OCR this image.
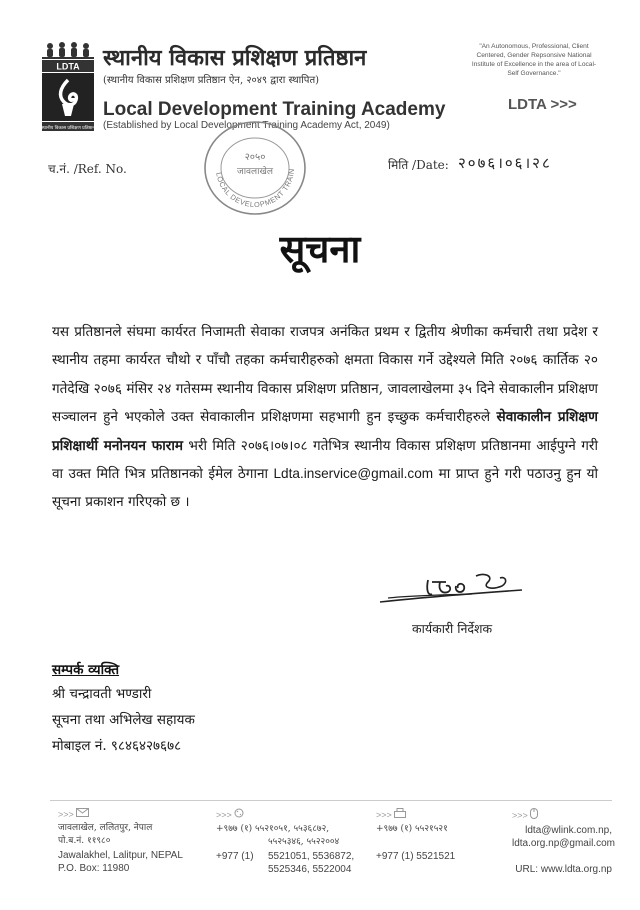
LDTA
स्थानीय विकास प्रशिक्षण प्रतिष्ठान
स्थानीय विकास प्रशिक्षण प्रतिष्ठान
(स्थानीय विकास प्रशिक्षण प्रतिष्ठान ऐन, २०४९ द्वारा स्थापित)
Local Development Training Academy
(Established by Local Development Training Academy Act, 2049)
"An Autonomous, Professional, Client Centered, Gender Repsonsive National Institute of Excellence in the area of Local-Self Governance."
LDTA >>>
च.नं. /Ref. No.	मिति /Date: २०७६।०६।२८
LOCAL DEVELOPMENT TRAIN
२०५०
जावलाखेल
सूचना
यस प्रतिष्ठानले संघमा कार्यरत निजामती सेवाका राजपत्र अनंकित प्रथम र द्वितीय श्रेणीका कर्मचारी तथा प्रदेश र स्थानीय तहमा कार्यरत चौथो र पाँचौ तहका कर्मचारीहरुको क्षमता विकास गर्ने उद्देश्यले मिति २०७६ कार्तिक २० गतेदेखि २०७६ मंसिर २४ गतेसम्म स्थानीय विकास प्रशिक्षण प्रतिष्ठान, जावलाखेलमा ३५ दिने सेवाकालीन प्रशिक्षण सञ्चालन हुने भएकोले उक्त सेवाकालीन प्रशिक्षणमा सहभागी हुन इच्छुक कर्मचारीहरुले सेवाकालीन प्रशिक्षण प्रशिक्षार्थी मनोनयन फाराम भरी मिति २०७६।०७।०८ गतेभित्र स्थानीय विकास प्रशिक्षण प्रतिष्ठानमा आईपुग्ने गरी वा उक्त मिति भित्र प्रतिष्ठानको ईमेल ठेगाना Ldta.inservice@gmail.com मा प्राप्त हुने गरी पठाउनु हुन यो सूचना प्रकाशन गरिएको छ ।
ldcg
कार्यकारी निर्देशक
सम्पर्क व्यक्ति
श्री चन्द्रावती भण्डारी
सूचना तथा अभिलेख सहायक
मोबाइल नं. ९८४६४२७६७८
>>>
जावलाखेल, ललितपुर, नेपाल
पो.ब.नं. ११९८०
Jawalakhel, Lalitpur, NEPAL
P.O. Box: 11980
>>>
+९७७ (१) ५५२१०५१, ५५३६८७२,
+977 (1)
५५२५३४६, ५५२२००४
5521051, 5536872,
5525346, 5522004
>>>
+९७७ (१) ५५२१५२१
+977 (1) 5521521
>>>
ldta@wlink.com.np,
ldta.org.np@gmail.com
URL: www.ldta.org.np
